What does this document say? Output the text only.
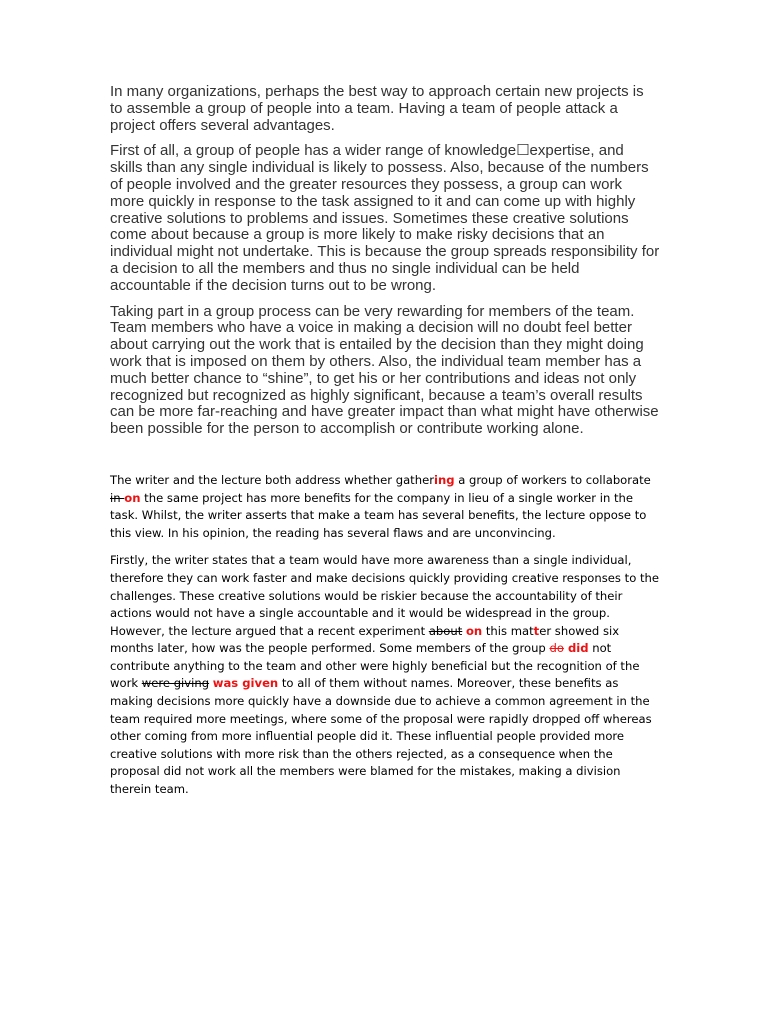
In many organizations, perhaps the best way to approach certain new projects is to assemble a group of people into a team. Having a team of people attack a project offers several advantages.

First of all, a group of people has a wider range of knowledge☐expertise, and skills than any single individual is likely to possess. Also, because of the numbers of people involved and the greater resources they possess, a group can work more quickly in response to the task assigned to it and can come up with highly creative solutions to problems and issues. Sometimes these creative solutions come about because a group is more likely to make risky decisions that an individual might not undertake. This is because the group spreads responsibility for a decision to all the members and thus no single individual can be held accountable if the decision turns out to be wrong.

Taking part in a group process can be very rewarding for members of the team. Team members who have a voice in making a decision will no doubt feel better about carrying out the work that is entailed by the decision than they might doing work that is imposed on them by others. Also, the individual team member has a much better chance to “shine”, to get his or her contributions and ideas not only recognized but recognized as highly significant, because a team’s overall results can be more far-reaching and have greater impact than what might have otherwise been possible for the person to accomplish or contribute working alone.

The writer and the lecture both address whether gathering a group of workers to collaborate in on the same project has more benefits for the company in lieu of a single worker in the task. Whilst, the writer asserts that make a team has several benefits, the lecture oppose to this view. In his opinion, the reading has several flaws and are unconvincing.

Firstly, the writer states that a team would have more awareness than a single individual, therefore they can work faster and make decisions quickly providing creative responses to the challenges. These creative solutions would be riskier because the accountability of their actions would not have a single accountable and it would be widespread in the group. However, the lecture argued that a recent experiment about on this matter showed six months later, how was the people performed. Some members of the group do did not contribute anything to the team and other were highly beneficial but the recognition of the work were giving was given to all of them without names. Moreover, these benefits as making decisions more quickly have a downside due to achieve a common agreement in the team required more meetings, where some of the proposal were rapidly dropped off whereas other coming from more influential people did it. These influential people provided more creative solutions with more risk than the others rejected, as a consequence when the proposal did not work all the members were blamed for the mistakes, making a division therein team.
